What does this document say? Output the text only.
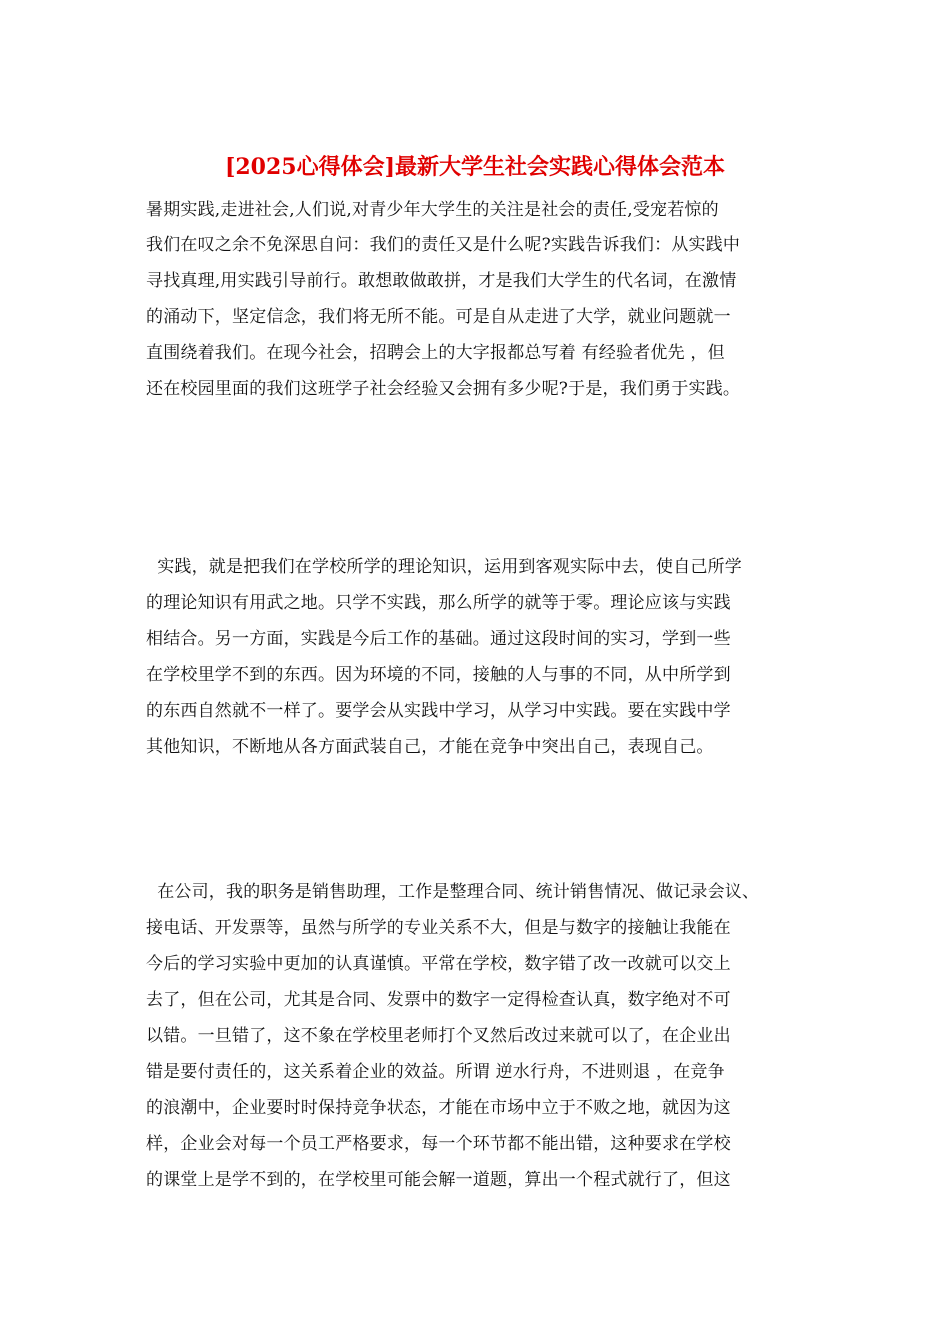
[2025心得体会]最新大学生社会实践心得体会范本
暑期实践,走进社会,人们说,对青少年大学生的关注是社会的责任,受宠若惊的
我们在叹之余不免深思自问：我们的责任又是什么呢?实践告诉我们：从实践中
寻找真理,用实践引导前行。敢想敢做敢拼，才是我们大学生的代名词，在激情
的涌动下，坚定信念，我们将无所不能。可是自从走进了大学，就业问题就一
直围绕着我们。在现今社会，招聘会上的大字报都总写着 有经验者优先 ，但
还在校园里面的我们这班学子社会经验又会拥有多少呢?于是，我们勇于实践。
实践，就是把我们在学校所学的理论知识，运用到客观实际中去，使自己所学
的理论知识有用武之地。只学不实践，那么所学的就等于零。理论应该与实践
相结合。另一方面，实践是今后工作的基础。通过这段时间的实习，学到一些
在学校里学不到的东西。因为环境的不同，接触的人与事的不同，从中所学到
的东西自然就不一样了。要学会从实践中学习，从学习中实践。要在实践中学
其他知识，不断地从各方面武装自己，才能在竞争中突出自己，表现自己。
在公司，我的职务是销售助理，工作是整理合同、统计销售情况、做记录会议、
接电话、开发票等，虽然与所学的专业关系不大，但是与数字的接触让我能在
今后的学习实验中更加的认真谨慎。平常在学校，数字错了改一改就可以交上
去了，但在公司，尤其是合同、发票中的数字一定得检查认真，数字绝对不可
以错。一旦错了，这不象在学校里老师打个叉然后改过来就可以了，在企业出
错是要付责任的，这关系着企业的效益。所谓 逆水行舟，不进则退 ，在竞争
的浪潮中，企业要时时保持竞争状态，才能在市场中立于不败之地，就因为这
样，企业会对每一个员工严格要求，每一个环节都不能出错，这种要求在学校
的课堂上是学不到的，在学校里可能会解一道题，算出一个程式就行了，但这
